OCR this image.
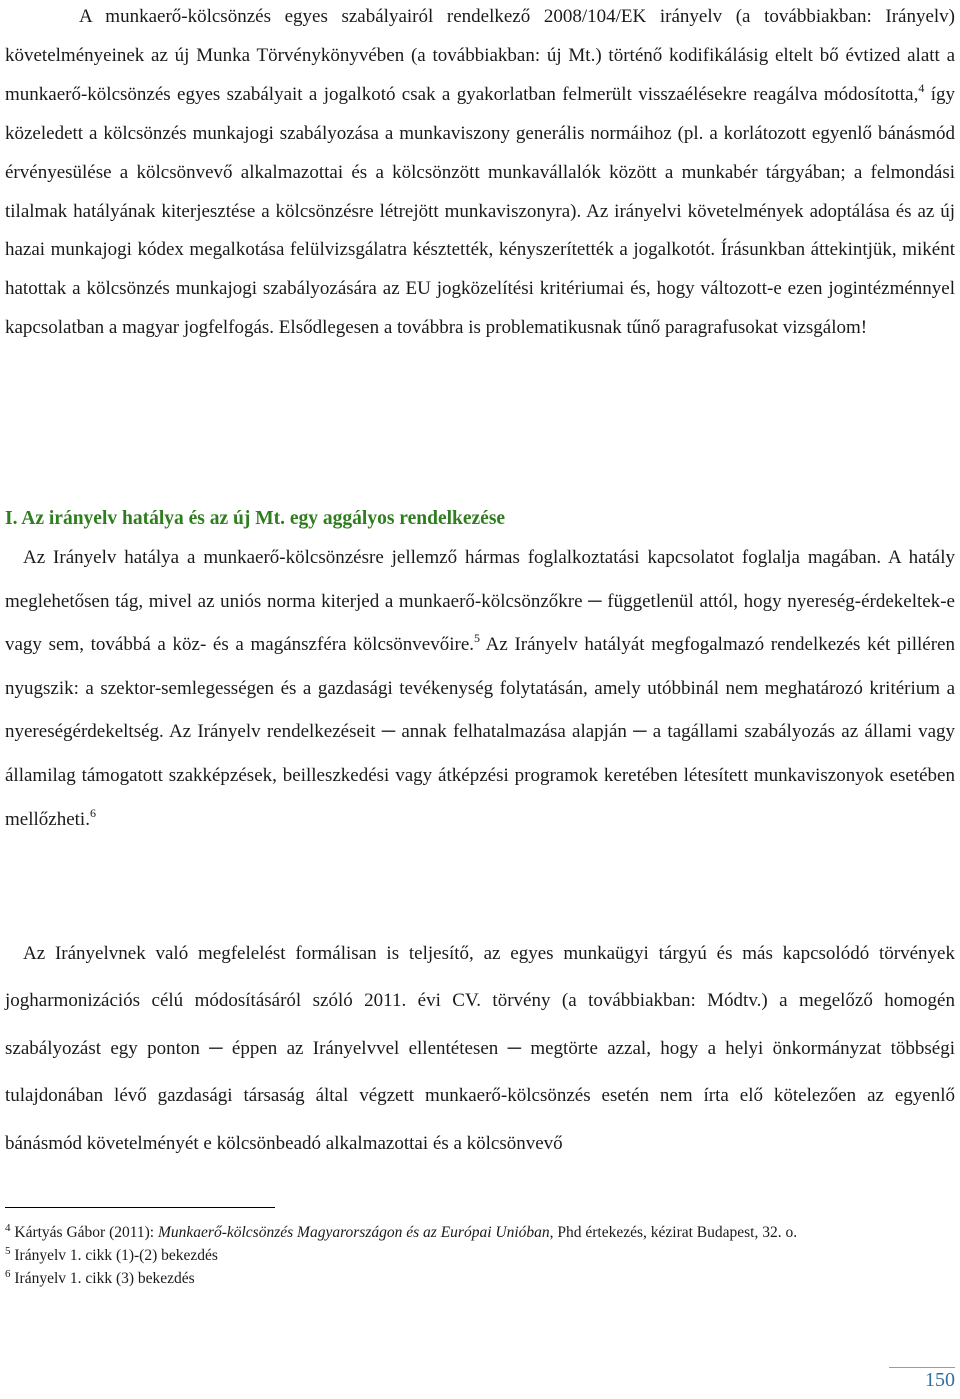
A munkaerő-kölcsönzés egyes szabályairól rendelkező 2008/104/EK irányelv (a továbbiakban: Irányelv) követelményeinek az új Munka Törvénykönyvében (a továbbiakban: új Mt.) történő kodifikálásig eltelt bő évtized alatt a munkaerő-kölcsönzés egyes szabályait a jogalkotó csak a gyakorlatban felmerült visszaélésekre reagálva módosította,$^4$ így közeledett a kölcsönzés munkajogi szabályozása a munkaviszony generális normáihoz (pl. a korlátozott egyenlő bánásmód érvényesülése a kölcsönvevő alkalmazottai és a kölcsönzött munkavállalók között a munkabér tárgyában; a felmondási tilalmak hatályának kiterjesztése a kölcsönzésre létrejött munkaviszonyra). Az irányelvi követelmények adoptálása és az új hazai munkajogi kódex megalkotása felülvizsgálatra késztették, kényszerítették a jogalkotót. Írásunkban áttekintjük, miként hatottak a kölcsönzés munkajogi szabályozására az EU jogközelítési kritériumai és, hogy változott-e ezen jogintézménnyel kapcsolatban a magyar jogfelfogás. Elsődlegesen a továbbra is problematikusnak tűnő paragrafusokat vizsgálom!
I. Az irányelv hatálya és az új Mt. egy aggályos rendelkezése
Az Irányelv hatálya a munkaerő-kölcsönzésre jellemző hármas foglalkoztatási kapcsolatot foglalja magában. A hatály meglehetősen tág, mivel az uniós norma kiterjed a munkaerő-kölcsönzőkre ─ függetlenül attól, hogy nyereség-érdekeltek-e vagy sem, továbbá a köz- és a magánszféra kölcsönvevőire.$^5$ Az Irányelv hatályát megfogalmazó rendelkezés két pilléren nyugszik: a szektor-semlegességen és a gazdasági tevékenység folytatásán, amely utóbbinál nem meghatározó kritérium a nyereségérdekeltség. Az Irányelv rendelkezéseit ─ annak felhatalmazása alapján ─ a tagállami szabályozás az állami vagy államilag támogatott szakképzések, beilleszkedési vagy átképzési programok keretében létesített munkaviszonyok esetében mellőzheti.$^6$
Az Irányelvnek való megfelelést formálisan is teljesítő, az egyes munkaügyi tárgyú és más kapcsolódó törvények jogharmonizációs célú módosításáról szóló 2011. évi CV. törvény (a továbbiakban: Módtv.) a megelőző homogén szabályozást egy ponton ─ éppen az Irányelvvel ellentétesen ─ megtörte azzal, hogy a helyi önkormányzat többségi tulajdonában lévő gazdasági társaság által végzett munkaerő-kölcsönzés esetén nem írta elő kötelezően az egyenlő bánásmód követelményét e kölcsönbeadó alkalmazottai és a kölcsönvevő

$^4$ Kártyás Gábor (2011): Munkaerő-kölcsönzés Magyarországon és az Európai Unióban, Phd értekezés, kézirat Budapest, 32. o.

$^5$ Irányelv 1. cikk (1)-(2) bekezdés

$^6$ Irányelv 1. cikk (3) bekezdés

150
